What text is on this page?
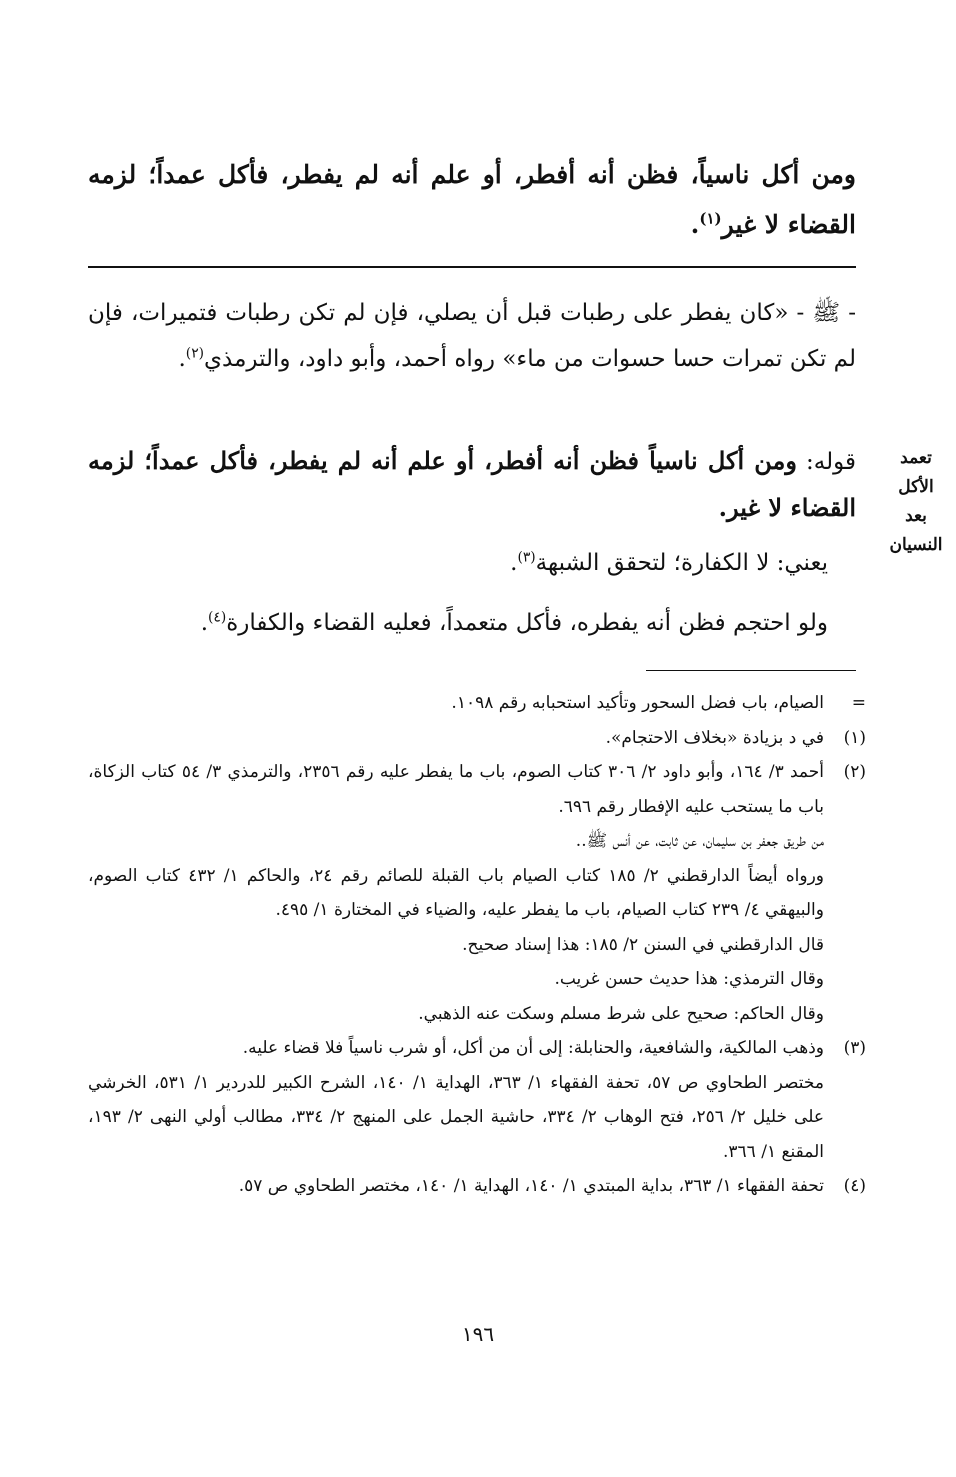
ومن أكل ناسياً، فظن أنه أفطر، أو علم أنه لم يفطر، فأكل عمداً؛ لزمه القضاء لا غير$^{(١)}$.
- ﷺ - «كان يفطر على رطبات قبل أن يصلي، فإن لم تكن رطبات فتميرات، فإن لم تكن تمرات حسا حسوات من ماء» رواه أحمد، وأبو داود، والترمذي$^{(٢)}$.
تعمد
الأكل
بعد
النسيان
قوله: ومن أكل ناسياً فظن أنه أفطر، أو علم أنه لم يفطر، فأكل عمداً؛ لزمه القضاء لا غير.
يعني: لا الكفارة؛ لتحقق الشبهة$^{(٣)}$.
ولو احتجم فظن أنه يفطره، فأكل متعمداً، فعليه القضاء والكفارة$^{(٤)}$.
=

الصيام، باب فضل السحور وتأكيد استحبابه رقم ١٠٩٨.

(١)

في د بزيادة «بخلاف الاحتجام».

(٢)

أحمد ٣/ ١٦٤، وأبو داود ٢/ ٣٠٦ كتاب الصوم، باب ما يفطر عليه رقم ٢٣٥٦، والترمذي ٣/ ٥٤ كتاب الزكاة، باب ما يستحب عليه الإفطار رقم ٦٩٦.

من طريق جعفر بن سليمان، عن ثابت، عن أنس ﷺ..

ورواه أيضاً الدارقطني ٢/ ١٨٥ كتاب الصيام باب القبلة للصائم رقم ٢٤، والحاكم ١/ ٤٣٢ كتاب الصوم، والبيهقي ٤/ ٢٣٩ كتاب الصيام، باب ما يفطر عليه، والضياء في المختارة ١/ ٤٩٥.

قال الدارقطني في السنن ٢/ ١٨٥: هذا إسناد صحيح.

وقال الترمذي: هذا حديث حسن غريب.

وقال الحاكم: صحيح على شرط مسلم وسكت عنه الذهبي.

(٣)

وذهب المالكية، والشافعية، والحنابلة: إلى أن من أكل، أو شرب ناسياً فلا قضاء عليه.

مختصر الطحاوي ص ٥٧، تحفة الفقهاء ١/ ٣٦٣، الهداية ١/ ١٤٠، الشرح الكبير للدردير ١/ ٥٣١، الخرشي على خليل ٢/ ٢٥٦، فتح الوهاب ٢/ ٣٣٤، حاشية الجمل على المنهج ٢/ ٣٣٤، مطالب أولي النهى ٢/ ١٩٣، المقنع ١/ ٣٦٦.

(٤)

تحفة الفقهاء ١/ ٣٦٣، بداية المبتدي ١/ ١٤٠، الهداية ١/ ١٤٠، مختصر الطحاوي ص ٥٧.

١٩٦
